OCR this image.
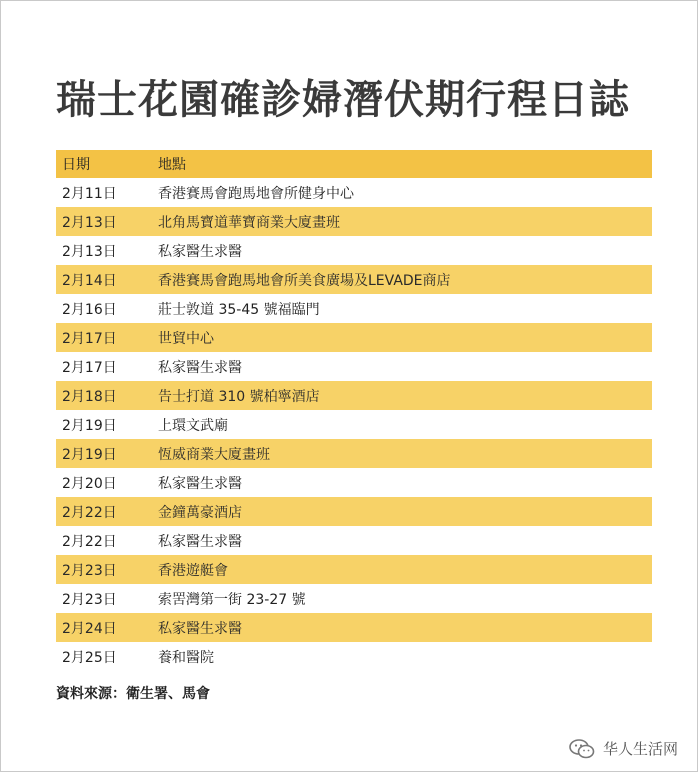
瑞士花園確診婦潛伏期行程日誌
日期	地點
2月11日	香港賽馬會跑馬地會所健身中心
2月13日	北角馬寶道華寶商業大廈畫班
2月13日	私家醫生求醫
2月14日	香港賽馬會跑馬地會所美食廣場及LEVADE商店
2月16日	莊士敦道 35-45 號福臨門
2月17日	世貿中心
2月17日	私家醫生求醫
2月18日	告士打道 310 號柏寧酒店
2月19日	上環文武廟
2月19日	恆威商業大廈畫班
2月20日	私家醫生求醫
2月22日	金鐘萬豪酒店
2月22日	私家醫生求醫
2月23日	香港遊艇會
2月23日	索罟灣第一街 23-27 號
2月24日	私家醫生求醫
2月25日	養和醫院
資料來源：衛生署、馬會
华人生活网
